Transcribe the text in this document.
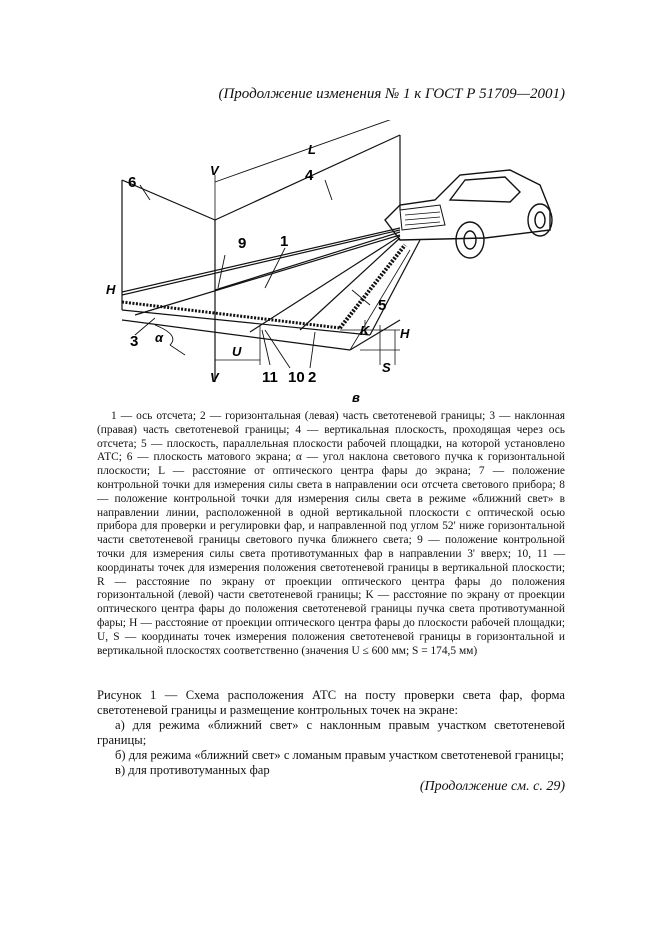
(Продолжение изменения № 1 к ГОСТ Р 51709—2001)
6	4
L
V
9 1
H
5
K H
3 α
U
S
11 10 2
V
в

1 — ось отсчета; 2 — горизонтальная (левая) часть светотеневой границы; 3 — наклонная (правая) часть светотеневой границы; 4 — вертикальная плоскость, проходящая через ось отсчета; 5 — плоскость, параллельная плоскости рабочей площадки, на которой установлено АТС; 6 — плоскость матового экрана; α — угол наклона светового пучка к горизонтальной плоскости; L — расстояние от оптического центра фары до экрана; 7 — положение контрольной точки для измерения силы света в направлении оси отсчета светового прибора; 8 — положение контрольной точки для измерения силы света в режиме «ближний свет» в направлении линии, расположенной в одной вертикальной плоскости с оптической осью прибора для проверки и регулировки фар, и направленной под углом 52' ниже горизонтальной части светотеневой границы светового пучка ближнего света; 9 — положение контрольной точки для измерения силы света противотуманных фар в направлении 3' вверх; 10, 11 — координаты точек для измерения положения светотеневой границы в вертикальной плоскости; R — расстояние по экрану от проекции оптического центра фары до положения горизонтальной (левой) части светотеневой границы; K — расстояние по экрану от проекции оптического центра фары до положения светотеневой границы пучка света противотуманной фары; H — расстояние от проекции оптического центра фары до плоскости рабочей площадки; U, S — координаты точек измерения положения светотеневой границы в горизонтальной и вертикальной плоскостях соответственно (значения U ≤ 600 мм; S = 174,5 мм)

Рисунок 1 — Схема расположения АТС на посту проверки света фар, форма светотеневой границы и размещение контрольных точек на экране:

а) для режима «ближний свет» с наклонным правым участком светотеневой границы;

б) для режима «ближний свет» с ломаным правым участком светотеневой границы;

в) для противотуманных фар

(Продолжение см. с. 29)
